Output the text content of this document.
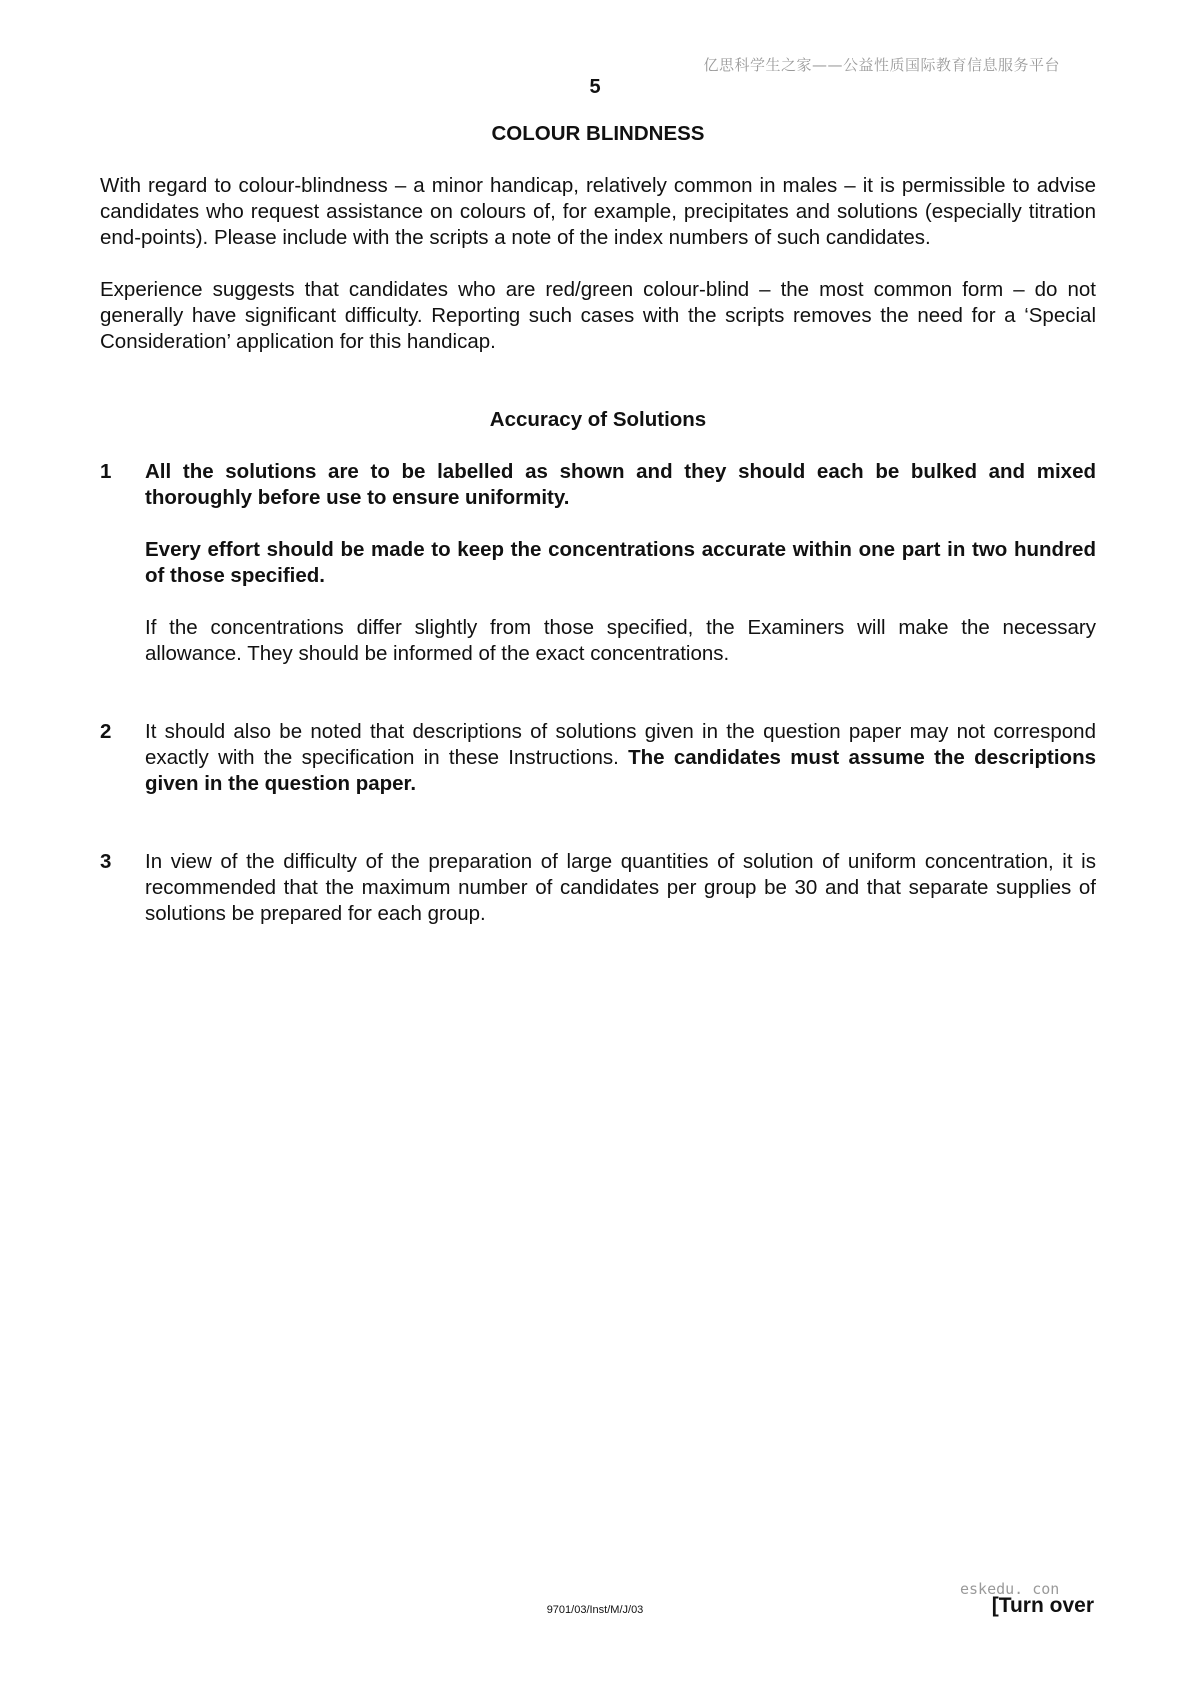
亿思科学生之家——公益性质国际教育信息服务平台
5
COLOUR BLINDNESS

With regard to colour-blindness – a minor handicap, relatively common in males – it is permissible to advise candidates who request assistance on colours of, for example, precipitates and solutions (especially titration end-points). Please include with the scripts a note of the index numbers of such candidates.

Experience suggests that candidates who are red/green colour-blind – the most common form – do not generally have significant difficulty. Reporting such cases with the scripts removes the need for a ‘Special Consideration’ application for this handicap.

Accuracy of Solutions
1 All the solutions are to be labelled as shown and they should each be bulked and mixed thoroughly before use to ensure uniformity.

Every effort should be made to keep the concentrations accurate within one part in two hundred of those specified.

If the concentrations differ slightly from those specified, the Examiners will make the necessary allowance. They should be informed of the exact concentrations.

2 It should also be noted that descriptions of solutions given in the question paper may not correspond exactly with the specification in these Instructions. The candidates must assume the descriptions given in the question paper.

3 In view of the difficulty of the preparation of large quantities of solution of uniform concentration, it is recommended that the maximum number of candidates per group be 30 and that separate supplies of solutions be prepared for each group.

eskedu. con
9701/03/Inst/M/J/03	[Turn over
